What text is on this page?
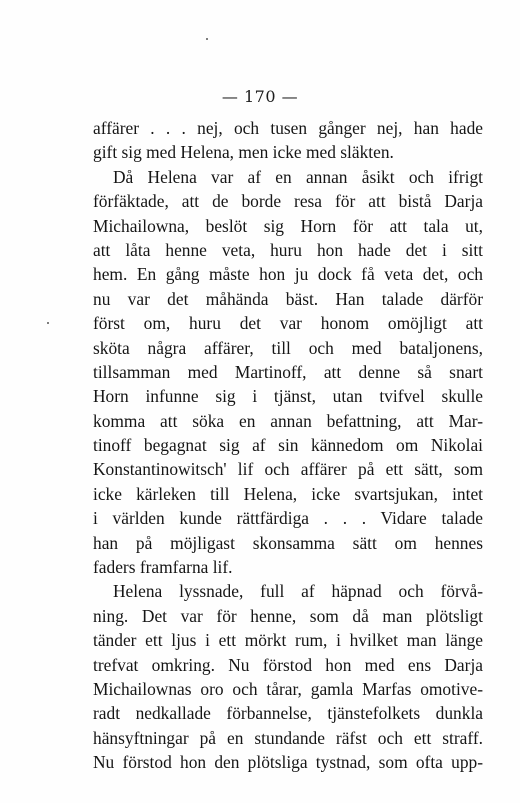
— 170 —
affärer . . . nej, och tusen gånger nej, han hade
gift sig med Helena, men icke med släkten.
Då Helena var af en annan åsikt och ifrigt
förfäktade, att de borde resa för att bistå Darja
Michailowna, beslöt sig Horn för att tala ut,
att låta henne veta, huru hon hade det i sitt
hem. En gång måste hon ju dock få veta det, och
nu var det måhända bäst. Han talade därför
först om, huru det var honom omöjligt att
sköta några affärer, till och med bataljonens,
tillsamman med Martinoff, att denne så snart
Horn infunne sig i tjänst, utan tvifvel skulle
komma att söka en annan befattning, att Mar-
tinoff begagnat sig af sin kännedom om Nikolai
Konstantinowitsch' lif och affärer på ett sätt, som
icke kärleken till Helena, icke svartsjukan, intet
i världen kunde rättfärdiga . . . Vidare talade
han på möjligast skonsamma sätt om hennes
faders framfarna lif.
Helena lyssnade, full af häpnad och förvå-
ning. Det var för henne, som då man plötsligt
tänder ett ljus i ett mörkt rum, i hvilket man länge
trefvat omkring. Nu förstod hon med ens Darja
Michailownas oro och tårar, gamla Marfas omotive-
radt nedkallade förbannelse, tjänstefolkets dunkla
hänsyftningar på en stundande räfst och ett straff.
Nu förstod hon den plötsliga tystnad, som ofta upp-
